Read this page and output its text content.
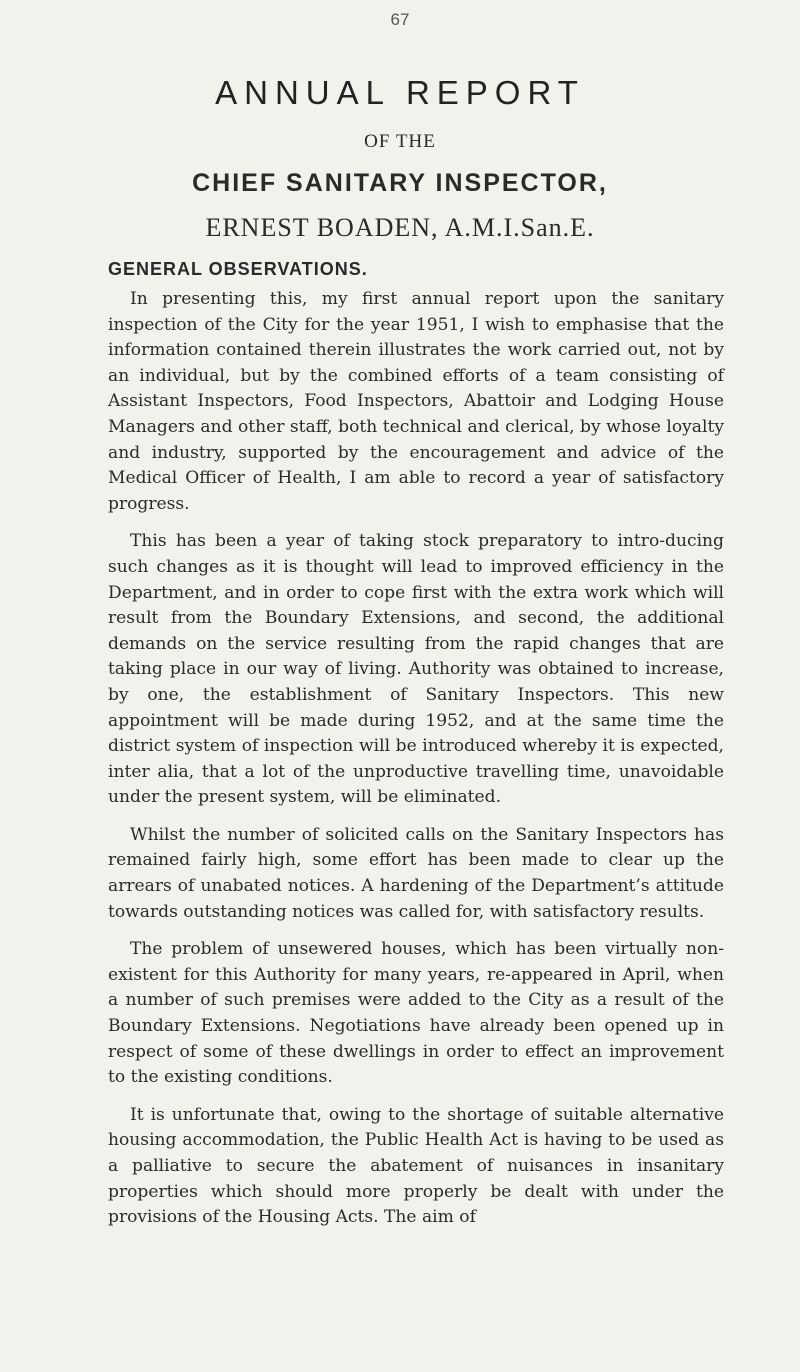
67
ANNUAL REPORT
OF THE
CHIEF SANITARY INSPECTOR,
ERNEST BOADEN, A.M.I.San.E.
GENERAL OBSERVATIONS.

In presenting this, my first annual report upon the sanitary inspection of the City for the year 1951, I wish to emphasise that the information contained therein illustrates the work carried out, not by an individual, but by the combined efforts of a team consisting of Assistant Inspectors, Food Inspectors, Abattoir and Lodging House Managers and other staff, both technical and clerical, by whose loyalty and industry, supported by the encouragement and advice of the Medical Officer of Health, I am able to record a year of satisfactory progress.

This has been a year of taking stock preparatory to intro-ducing such changes as it is thought will lead to improved efficiency in the Department, and in order to cope first with the extra work which will result from the Boundary Extensions, and second, the additional demands on the service resulting from the rapid changes that are taking place in our way of living. Authority was obtained to increase, by one, the establishment of Sanitary Inspectors. This new appointment will be made during 1952, and at the same time the district system of inspection will be introduced whereby it is expected, inter alia, that a lot of the unproductive travelling time, unavoidable under the present system, will be eliminated.

Whilst the number of solicited calls on the Sanitary Inspectors has remained fairly high, some effort has been made to clear up the arrears of unabated notices. A hardening of the Department’s attitude towards outstanding notices was called for, with satisfactory results.

The problem of unsewered houses, which has been virtually non-existent for this Authority for many years, re-appeared in April, when a number of such premises were added to the City as a result of the Boundary Extensions. Negotiations have already been opened up in respect of some of these dwellings in order to effect an improvement to the existing conditions.

It is unfortunate that, owing to the shortage of suitable alternative housing accommodation, the Public Health Act is having to be used as a palliative to secure the abatement of nuisances in insanitary properties which should more properly be dealt with under the provisions of the Housing Acts. The aim of
